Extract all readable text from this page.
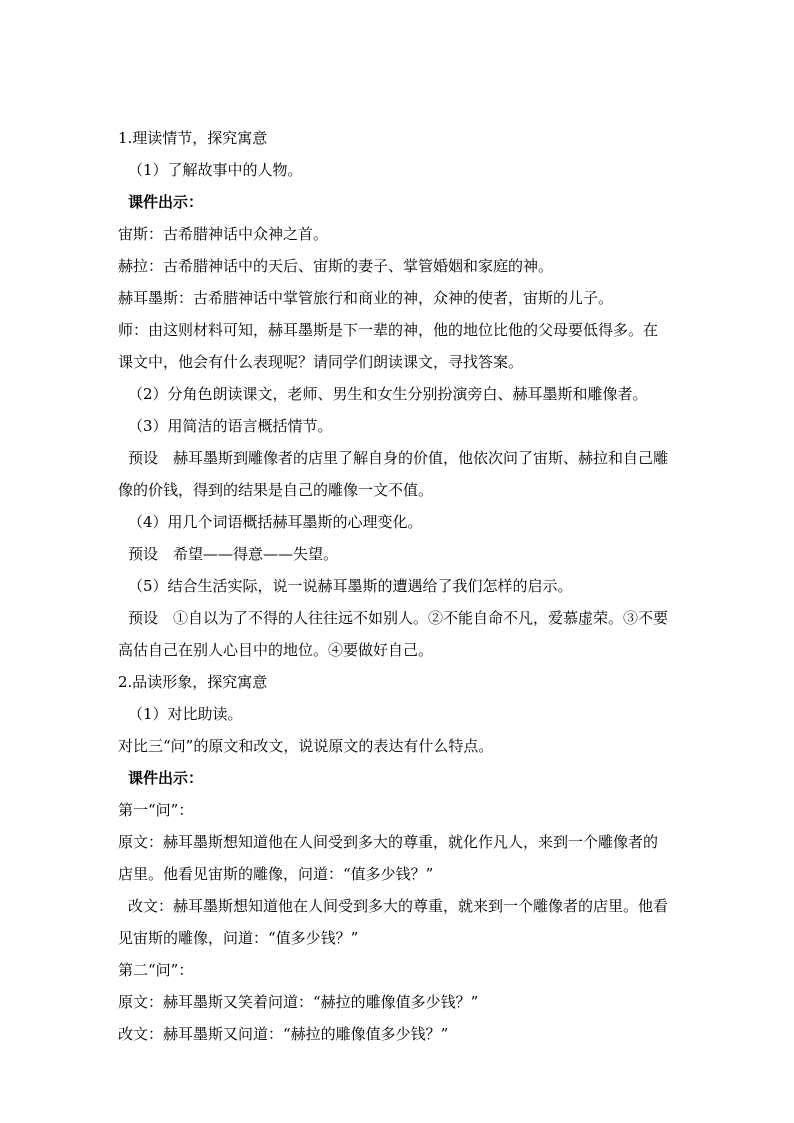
1.理读情节，探究寓意
（1）了解故事中的人物。
课件出示：
宙斯：古希腊神话中众神之首。
赫拉：古希腊神话中的天后、宙斯的妻子、掌管婚姻和家庭的神。
赫耳墨斯：古希腊神话中掌管旅行和商业的神，众神的使者，宙斯的儿子。
师：由这则材料可知，赫耳墨斯是下一辈的神，他的地位比他的父母要低得多。在
课文中，他会有什么表现呢？请同学们朗读课文，寻找答案。
（2）分角色朗读课文，老师、男生和女生分别扮演旁白、赫耳墨斯和雕像者。
（3）用简洁的语言概括情节。
预设　赫耳墨斯到雕像者的店里了解自身的价值，他依次问了宙斯、赫拉和自己雕
像的价钱，得到的结果是自己的雕像一文不值。
（4）用几个词语概括赫耳墨斯的心理变化。
预设　希望——得意——失望。
（5）结合生活实际，说一说赫耳墨斯的遭遇给了我们怎样的启示。
预设　①自以为了不得的人往往远不如别人。②不能自命不凡，爱慕虚荣。③不要
高估自己在别人心目中的地位。④要做好自己。
2.品读形象，探究寓意
（1）对比助读。
对比三“问”的原文和改文，说说原文的表达有什么特点。
课件出示：
第一“问”：
原文：赫耳墨斯想知道他在人间受到多大的尊重，就化作凡人，来到一个雕像者的
店里。他看见宙斯的雕像，问道：“值多少钱？”
改文：赫耳墨斯想知道他在人间受到多大的尊重，就来到一个雕像者的店里。他看
见宙斯的雕像，问道：“值多少钱？”
第二“问”：
原文：赫耳墨斯又笑着问道：“赫拉的雕像值多少钱？”
改文：赫耳墨斯又问道：“赫拉的雕像值多少钱？”
